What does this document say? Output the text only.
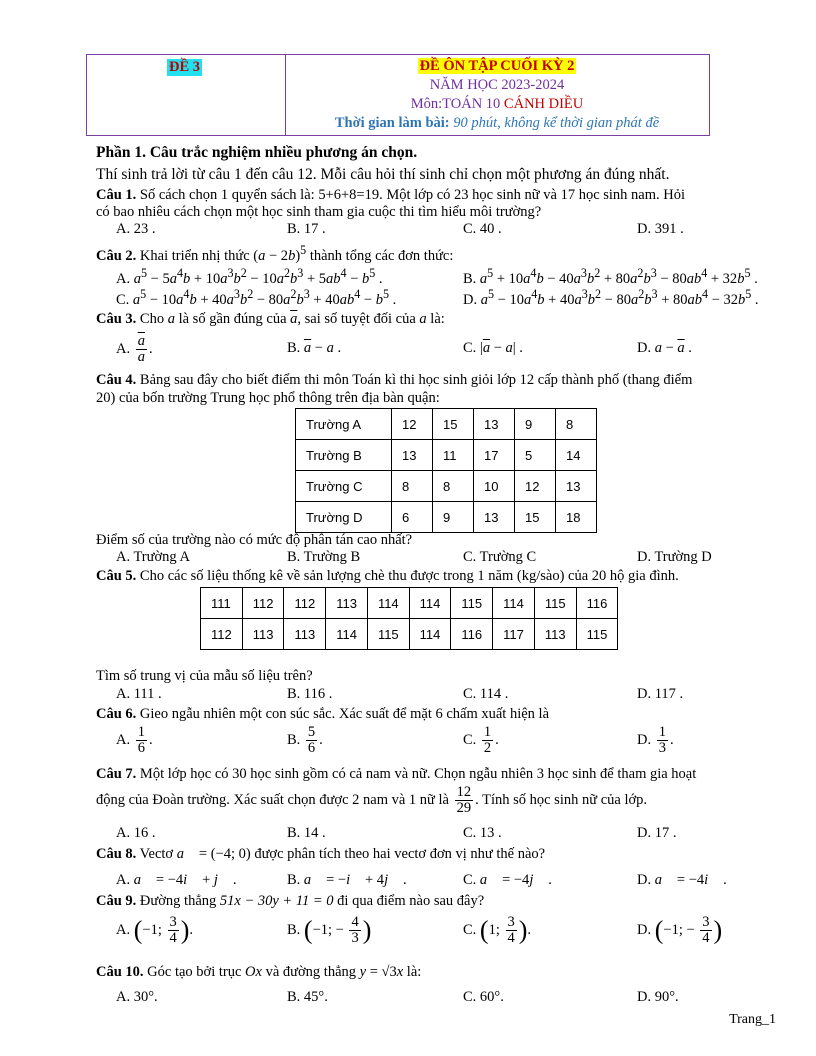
ĐỀ 3	ĐỀ ÔN TẬP CUỐI KỲ 2
NĂM HỌC 2023-2024
Môn:TOÁN 10 CÁNH DIỀU
Thời gian làm bài: 90 phút, không kể thời gian phát đề
Phần 1. Câu trắc nghiệm nhiều phương án chọn.
Thí sinh trả lời từ câu 1 đến câu 12. Mỗi câu hỏi thí sinh chỉ chọn một phương án đúng nhất.
Câu 1. Số cách chọn 1 quyển sách là: 5+6+8=19. Một lớp có 23 học sinh nữ và 17 học sinh nam. Hỏi
có bao nhiêu cách chọn một học sinh tham gia cuộc thi tìm hiểu môi trường?
A. 23 .	B. 17 .	C. 40 .	D. 391 .
Câu 2. Khai triển nhị thức $(a - 2b)^5$ thành tổng các đơn thức:
A. $a^5 - 5a^4b + 10a^3b^2 - 10a^2b^3 + 5ab^4 - b^5$ .	B. $a^5 + 10a^4b - 40a^3b^2 + 80a^2b^3 - 80ab^4 + 32b^5$ .
C. $a^5 - 10a^4b + 40a^3b^2 - 80a^2b^3 + 40ab^4 - b^5$ .	D. $a^5 - 10a^4b + 40a^3b^2 - 80a^2b^3 + 80ab^4 - 32b^5$ .
Câu 3. Cho a là số gần đúng của $\overline{a}$, sai số tuyệt đối của a là:
A. $\frac{\overline{a}}{a}$ .	B. $\overline{a} - a$ .	C. $|\overline{a} - a|$ .	D. $a - \overline{a}$ .
Câu 4. Bảng sau đây cho biết điểm thi môn Toán kì thi học sinh giỏi lớp 12 cấp thành phố (thang điểm
20) của bốn trường Trung học phổ thông trên địa bàn quận:
Trường A	12	15	13	9	8
Trường B	13	11	17	5	14
Trường C	8	8	10	12	13
Trường D	6	9	13	15	18
Điểm số của trường nào có mức độ phân tán cao nhất?
A. Trường A	B. Trường B	C. Trường C	D. Trường D
Câu 5. Cho các số liệu thống kê về sản lượng chè thu được trong 1 năm (kg/sào) của 20 hộ gia đình.
111	112	112	113	114	114	115	114	115	116
112	113	113	114	115	114	116	117	113	115
Tìm số trung vị của mẫu số liệu trên?
A. 111 .	B. 116 .	C. 114 .	D. 117 .
Câu 6. Gieo ngẫu nhiên một con súc sắc. Xác suất để mặt 6 chấm xuất hiện là
A. $\frac{1}{6}$ .	B. $\frac{5}{6}$ .	C. $\frac{1}{2}$ .	D. $\frac{1}{3}$ .
Câu 7. Một lớp học có 30 học sinh gồm có cả nam và nữ. Chọn ngẫu nhiên 3 học sinh để tham gia hoạt
động của Đoàn trường. Xác suất chọn được 2 nam và 1 nữ là $\frac{12}{29}$ . Tính số học sinh nữ của lớp.
A. 16 .	B. 14 .	C. 13 .	D. 17 .
Câu 8. Vectơ a⃗ = (−4; 0) được phân tích theo hai vectơ đơn vị như thế nào?
A. a⃗ = −4i⃗ + j⃗ .	B. a⃗ = −i⃗ + 4j⃗ .	C. a⃗ = −4j⃗ .	D. a⃗ = −4i⃗ .
Câu 9. Đường thẳng 51x − 30y + 11 = 0 đi qua điểm nào sau đây?
A. (−1; $\frac{3}{4}$ ).	B. (−1; − $\frac{4}{3}$ )	C. (1; $\frac{3}{4}$ ).	D. (−1; − $\frac{3}{4}$ )
Câu 10. Góc tạo bởi trục Ox và đường thẳng y = √3x là:
A. 30°.	B. 45°.	C. 60°.	D. 90°.
Trang_1
